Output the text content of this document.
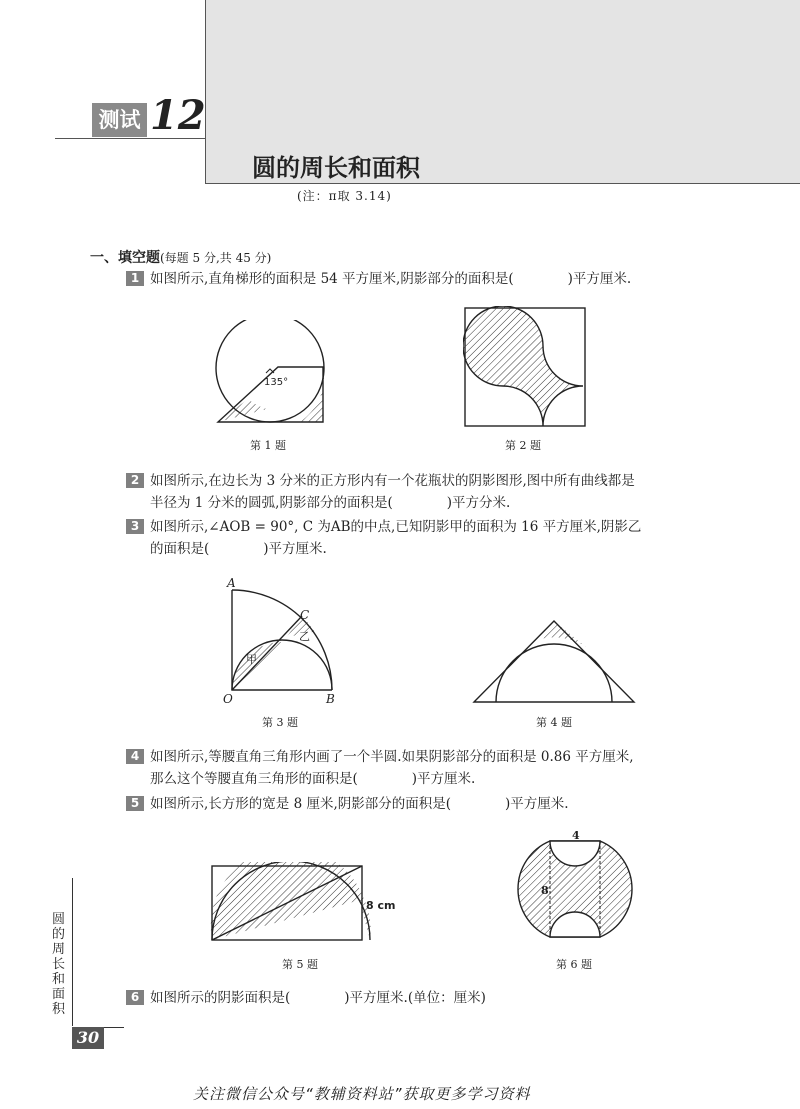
测试 12
圆的周长和面积
(注：π取 3.14)
一、填空题(每题 5 分,共 45 分)
1 如图所示,直角梯形的面积是 54 平方厘米,阴影部分的面积是(　　　　)平方厘米.
135°
第 1 题	第 2 题
2 如图所示,在边长为 3 分米的正方形内有一个花瓶状的阴影图形,图中所有曲线都是
半径为 1 分米的圆弧,阴影部分的面积是(　　　　)平方分米.
3 如图所示,∠AOB = 90°, C 为AB的中点,已知阴影甲的面积为 16 平方厘米,阴影乙
的面积是(　　　　)平方厘米.
A
B
C
O
甲
乙
第 3 题	第 4 题
4 如图所示,等腰直角三角形内画了一个半圆.如果阴影部分的面积是 0.86 平方厘米,
那么这个等腰直角三角形的面积是(　　　　)平方厘米.
5 如图所示,长方形的宽是 8 厘米,阴影部分的面积是(　　　　)平方厘米.
8 cm
第 5 题
4
8
第 6 题
6 如图所示的阴影面积是(　　　　)平方厘米.(单位：厘米)
圆的周长和面积
30
关注微信公众号“教辅资料站”获取更多学习资料
